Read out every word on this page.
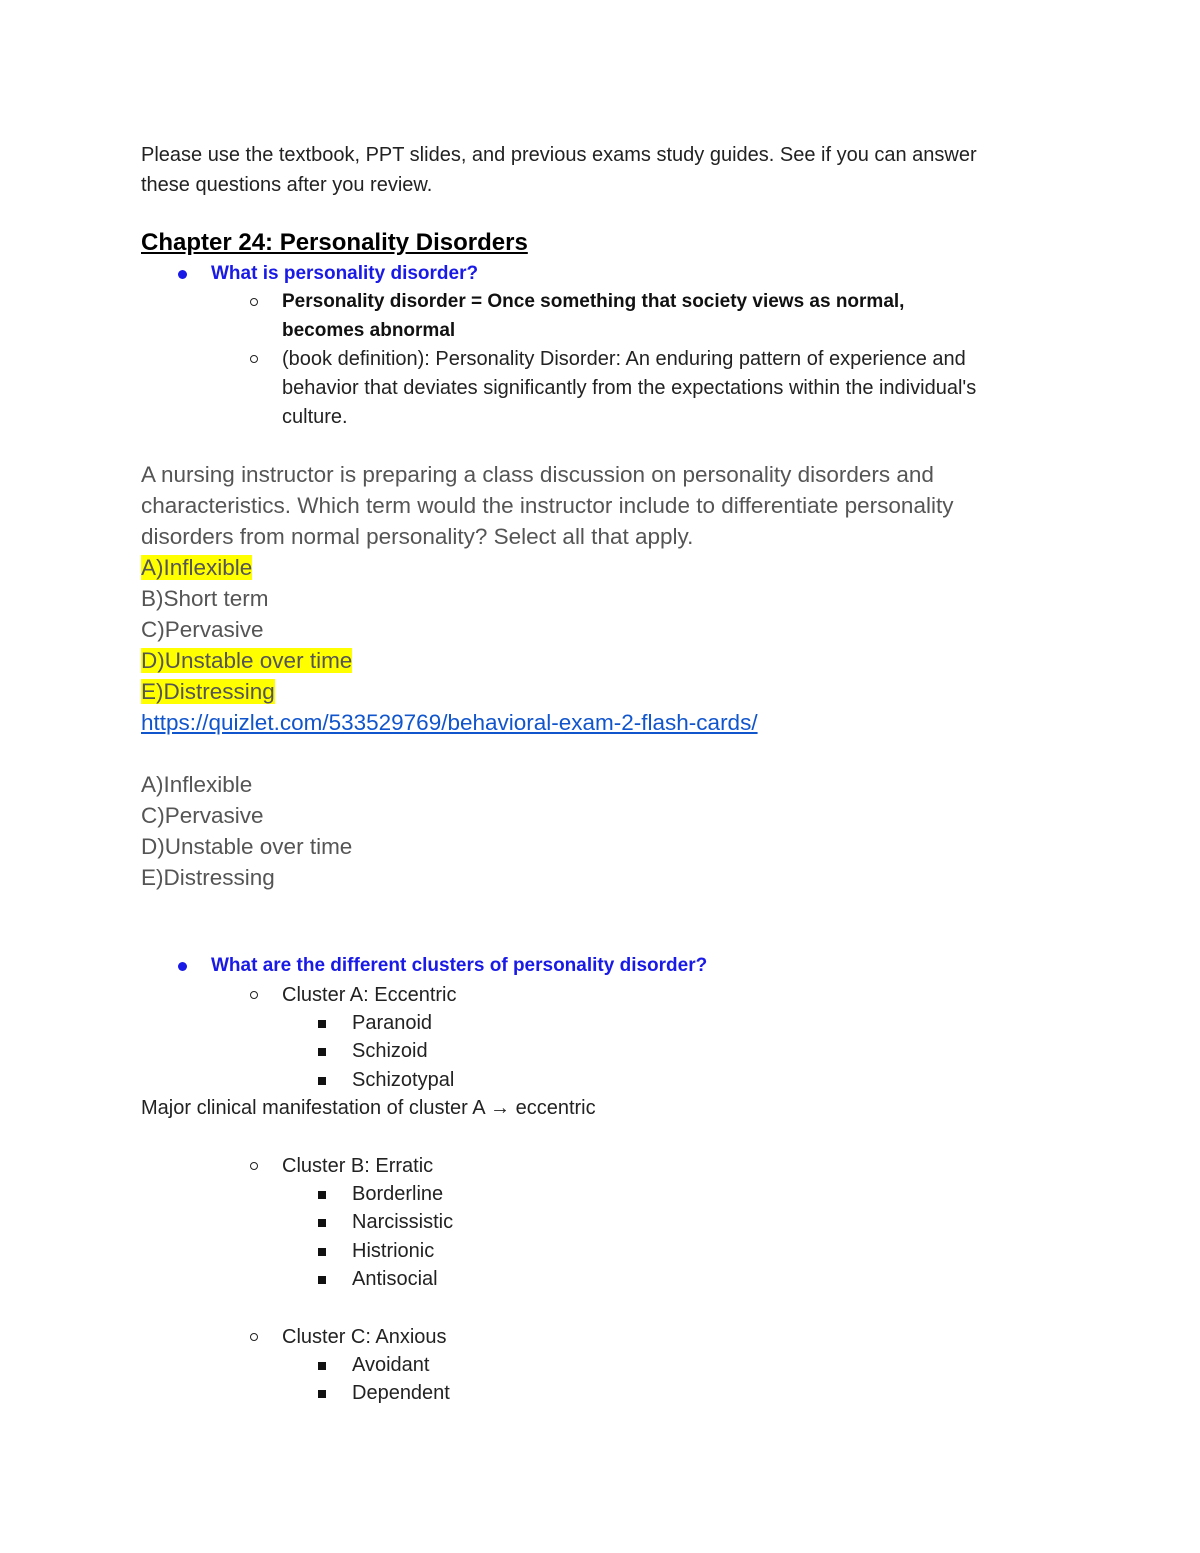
Please use the textbook, PPT slides, and previous exams study guides. See if you can answer
these questions after you review.
Chapter 24: Personality Disorders
What is personality disorder?
Personality disorder = Once something that society views as normal,
becomes abnormal
(book definition): Personality Disorder: An enduring pattern of experience and
behavior that deviates significantly from the expectations within the individual's
culture.
A nursing instructor is preparing a class discussion on personality disorders and
characteristics. Which term would the instructor include to differentiate personality
disorders from normal personality? Select all that apply.
A)Inflexible
B)Short term
C)Pervasive
D)Unstable over time
E)Distressing
https://quizlet.com/533529769/behavioral-exam-2-flash-cards/
A)Inflexible
C)Pervasive
D)Unstable over time
E)Distressing
What are the different clusters of personality disorder?
Cluster A: Eccentric
Paranoid
Schizoid
Schizotypal
Major clinical manifestation of cluster A → eccentric
Cluster B: Erratic
Borderline
Narcissistic
Histrionic
Antisocial
Cluster C: Anxious
Avoidant
Dependent
